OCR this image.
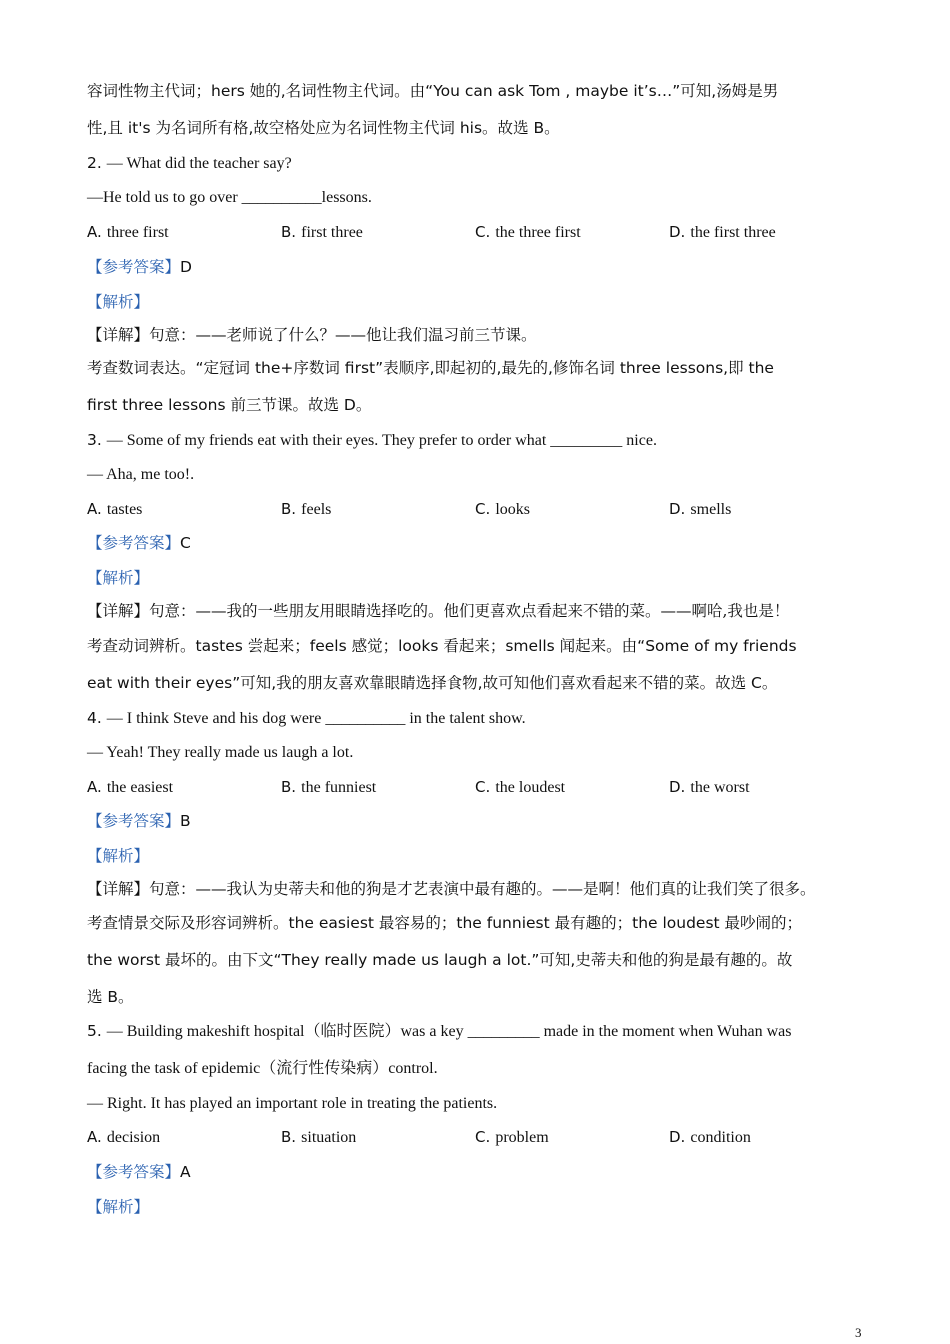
容词性物主代词；hers 她的,名词性物主代词。由“You can ask Tom , maybe it’s…”可知,汤姆是男
性,且 it's 为名词所有格,故空格处应为名词性物主代词 his。故选 B。
2. — What did the teacher say?
—He told us to go over __________lessons.
A. three first	B. first three	C. the three first	D. the first three
【参考答案】D
【解析】
【详解】句意：——老师说了什么？——他让我们温习前三节课。
考查数词表达。“定冠词 the+序数词 first”表顺序,即起初的,最先的,修饰名词 three lessons,即 the
first three lessons 前三节课。故选 D。
3. — Some of my friends eat with their eyes. They prefer to order what _________ nice.
— Aha, me too!.
A. tastes	B. feels	C. looks	D. smells
【参考答案】C
【解析】
【详解】句意：——我的一些朋友用眼睛选择吃的。他们更喜欢点看起来不错的菜。——啊哈,我也是！
考查动词辨析。tastes 尝起来；feels 感觉；looks 看起来；smells 闻起来。由“Some of my friends
eat with their eyes”可知,我的朋友喜欢靠眼睛选择食物,故可知他们喜欢看起来不错的菜。故选 C。
4. — I think Steve and his dog were __________ in the talent show.
— Yeah! They really made us laugh a lot.
A. the easiest	B. the funniest	C. the loudest	D. the worst
【参考答案】B
【解析】
【详解】句意：——我认为史蒂夫和他的狗是才艺表演中最有趣的。——是啊！他们真的让我们笑了很多。
考查情景交际及形容词辨析。the easiest 最容易的；the funniest 最有趣的；the loudest 最吵闹的；
the worst 最坏的。由下文“They really made us laugh a lot.”可知,史蒂夫和他的狗是最有趣的。故
选 B。
5. — Building makeshift hospital（临时医院）was a key _________ made in the moment when Wuhan was
facing the task of epidemic（流行性传染病）control.
— Right. It has played an important role in treating the patients.
A. decision	B. situation	C. problem	D. condition
【参考答案】A
【解析】
3
